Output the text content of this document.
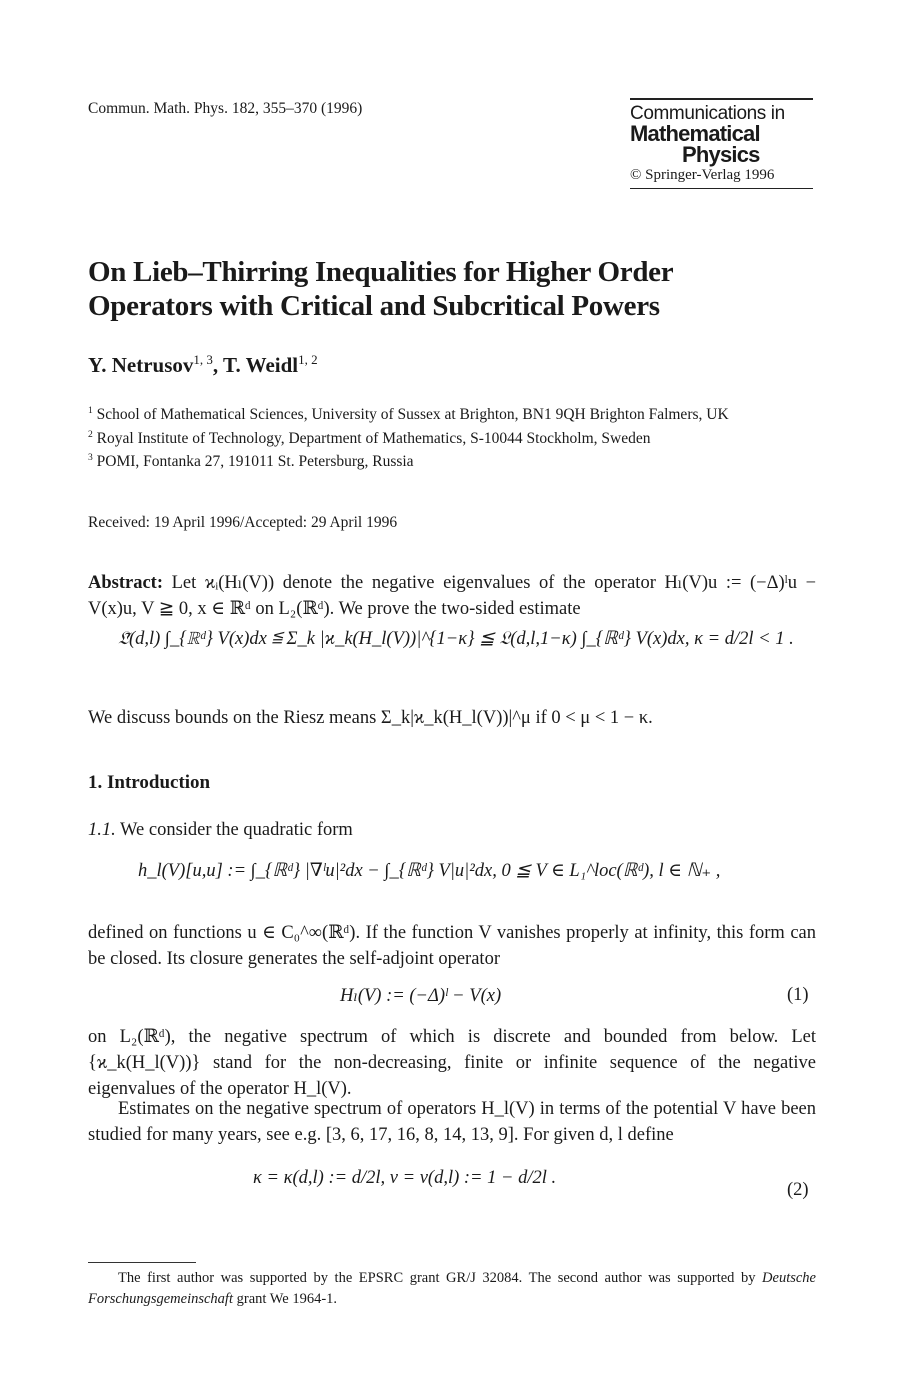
Commun. Math. Phys. 182, 355–370 (1996)	Communications in
Mathematical
Physics
© Springer-Verlag 1996
On Lieb–Thirring Inequalities for Higher Order
Operators with Critical and Subcritical Powers
Y. Netrusov$^{1, 3}$, T. Weidl$^{1, 2}$
$^1$ School of Mathematical Sciences, University of Sussex at Brighton, BN1 9QH Brighton Falmers, UK
$^2$ Royal Institute of Technology, Department of Mathematics, S-10044 Stockholm, Sweden
$^3$ POMI, Fontanka 27, 191011 St. Petersburg, Russia
Received: 19 April 1996/Accepted: 29 April 1996
Abstract: Let ϰᵢ(Hₗ(V)) denote the negative eigenvalues of the operator Hₗ(V)u := (−Δ)ˡu − V(x)u, V ≧ 0, x ∈ ℝᵈ on L₂(ℝᵈ). We prove the two-sided estimate
𝔏̃(d,l) ∫_{ℝᵈ} V(x)dx ≦ Σ_k |ϰ_k(H_l(V))|^{1−κ} ≦ 𝔏(d,l,1−κ) ∫_{ℝᵈ} V(x)dx, κ = d/2l < 1 .
We discuss bounds on the Riesz means Σ_k|ϰ_k(H_l(V))|^μ if 0 < μ < 1 − κ.
1. Introduction
1.1. We consider the quadratic form
h_l(V)[u,u] := ∫_{ℝᵈ} |∇ˡu|²dx − ∫_{ℝᵈ} V|u|²dx, 0 ≦ V ∈ L₁^loc(ℝᵈ), l ∈ ℕ₊ ,
defined on functions u ∈ C₀^∞(ℝᵈ). If the function V vanishes properly at infinity, this form can be closed. Its closure generates the self-adjoint operator
Hₗ(V) := (−Δ)ˡ − V(x)	(1)
on L₂(ℝᵈ), the negative spectrum of which is discrete and bounded from below. Let {ϰ_k(H_l(V))} stand for the non-decreasing, finite or infinite sequence of the negative eigenvalues of the operator H_l(V).
Estimates on the negative spectrum of operators H_l(V) in terms of the potential V have been studied for many years, see e.g. [3, 6, 17, 16, 8, 14, 13, 9]. For given d, l define
κ = κ(d,l) := d/2l, ν = ν(d,l) := 1 − d/2l .
(2)
The first author was supported by the EPSRC grant GR/J 32084. The second author was supported by Deutsche Forschungsgemeinschaft grant We 1964-1.
